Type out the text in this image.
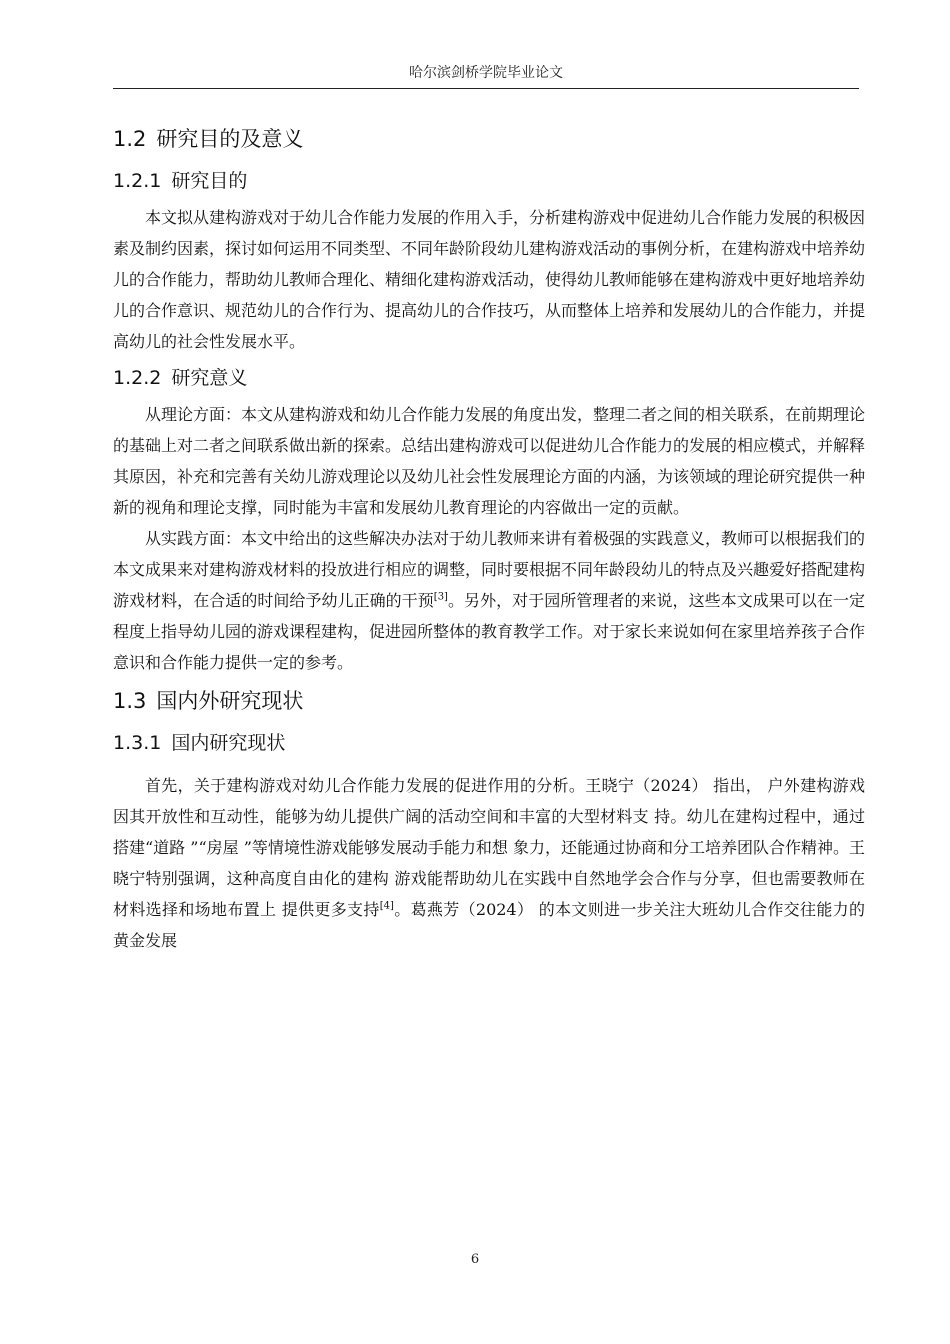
哈尔滨剑桥学院毕业论文
1.2 研究目的及意义
1.2.1 研究目的

本文拟从建构游戏对于幼儿合作能力发展的作用入手，分析建构游戏中促进幼儿合作能力发展的积极因素及制约因素，探讨如何运用不同类型、不同年龄阶段幼儿建构游戏活动的事例分析，在建构游戏中培养幼儿的合作能力，帮助幼儿教师合理化、精细化建构游戏活动，使得幼儿教师能够在建构游戏中更好地培养幼儿的合作意识、规范幼儿的合作行为、提高幼儿的合作技巧，从而整体上培养和发展幼儿的合作能力，并提高幼儿的社会性发展水平。

1.2.2 研究意义

从理论方面：本文从建构游戏和幼儿合作能力发展的角度出发，整理二者之间的相关联系，在前期理论的基础上对二者之间联系做出新的探索。总结出建构游戏可以促进幼儿合作能力的发展的相应模式，并解释其原因，补充和完善有关幼儿游戏理论以及幼儿社会性发展理论方面的内涵，为该领域的理论研究提供一种新的视角和理论支撑，同时能为丰富和发展幼儿教育理论的内容做出一定的贡献。

从实践方面：本文中给出的这些解决办法对于幼儿教师来讲有着极强的实践意义，教师可以根据我们的本文成果来对建构游戏材料的投放进行相应的调整，同时要根据不同年龄段幼儿的特点及兴趣爱好搭配建构游戏材料，在合适的时间给予幼儿正确的干预[3]。另外，对于园所管理者的来说，这些本文成果可以在一定程度上指导幼儿园的游戏课程建构，促进园所整体的教育教学工作。对于家长来说如何在家里培养孩子合作意识和合作能力提供一定的参考。

1.3 国内外研究现状
1.3.1 国内研究现状

首先，关于建构游戏对幼儿合作能力发展的促进作用的分析。王晓宁（2024） 指出， 户外建构游戏因其开放性和互动性，能够为幼儿提供广阔的活动空间和丰富的大型材料支 持。幼儿在建构过程中，通过搭建“道路 ”“房屋 ”等情境性游戏能够发展动手能力和想 象力，还能通过协商和分工培养团队合作精神。王晓宁特别强调，这种高度自由化的建构 游戏能帮助幼儿在实践中自然地学会合作与分享，但也需要教师在材料选择和场地布置上 提供更多支持[4]。葛燕芳（2024） 的本文则进一步关注大班幼儿合作交往能力的黄金发展

6
